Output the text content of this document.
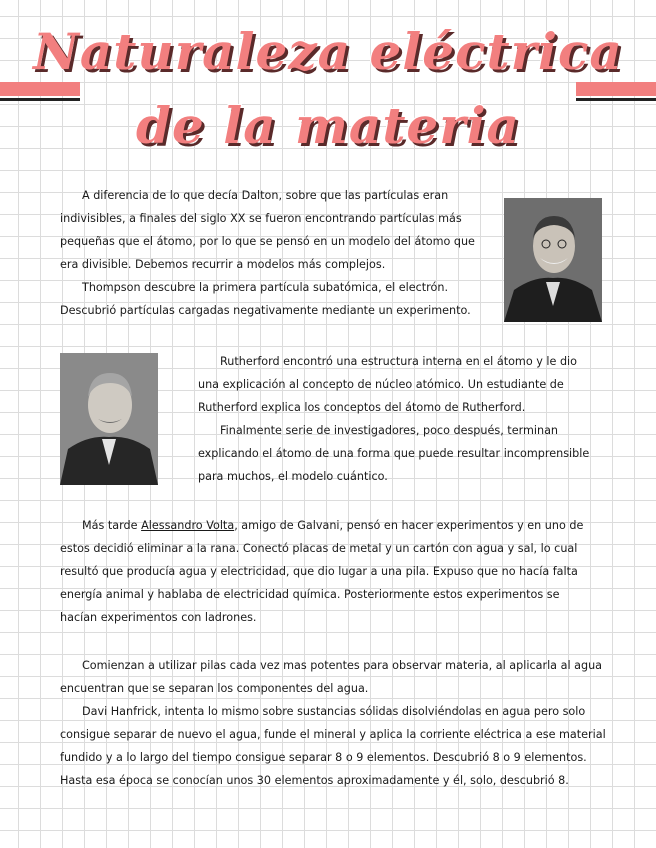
Naturaleza eléctrica
de la materia

A diferencia de lo que decía Dalton, sobre que las partículas eran indivisibles, a finales del siglo XX se fueron encontrando partículas más pequeñas que el átomo, por lo que se pensó en un modelo del átomo que era divisible. Debemos recurrir a modelos más complejos.

Thompson descubre la primera partícula subatómica, el electrón. Descubrió partículas cargadas negativamente mediante un experimento.

Rutherford encontró una estructura interna en el átomo y le dio una explicación al concepto de núcleo atómico. Un estudiante de Rutherford explica los conceptos del átomo de Rutherford.

Finalmente serie de investigadores, poco después, terminan explicando el átomo de una forma que puede resultar incomprensible para muchos, el modelo cuántico.

Más tarde Alessandro Volta, amigo de Galvani, pensó en hacer experimentos y en uno de estos decidió eliminar a la rana. Conectó placas de metal y un cartón con agua y sal, lo cual resultó que producía agua y electricidad, que dio lugar a una pila. Expuso que no hacía falta energía animal y hablaba de electricidad química. Posteriormente estos experimentos se hacían experimentos con ladrones.

Comienzan a utilizar pilas cada vez mas potentes para observar materia, al aplicarla al agua encuentran que se separan los componentes del agua.

Davi Hanfrick, intenta lo mismo sobre sustancias sólidas disolviéndolas en agua pero solo consigue separar de nuevo el agua, funde el mineral y aplica la corriente eléctrica a ese material fundido y a lo largo del tiempo consigue separar 8 o 9 elementos. Descubrió 8 o 9 elementos. Hasta esa época se conocían unos 30 elementos aproximadamente y él, solo, descubrió 8.
